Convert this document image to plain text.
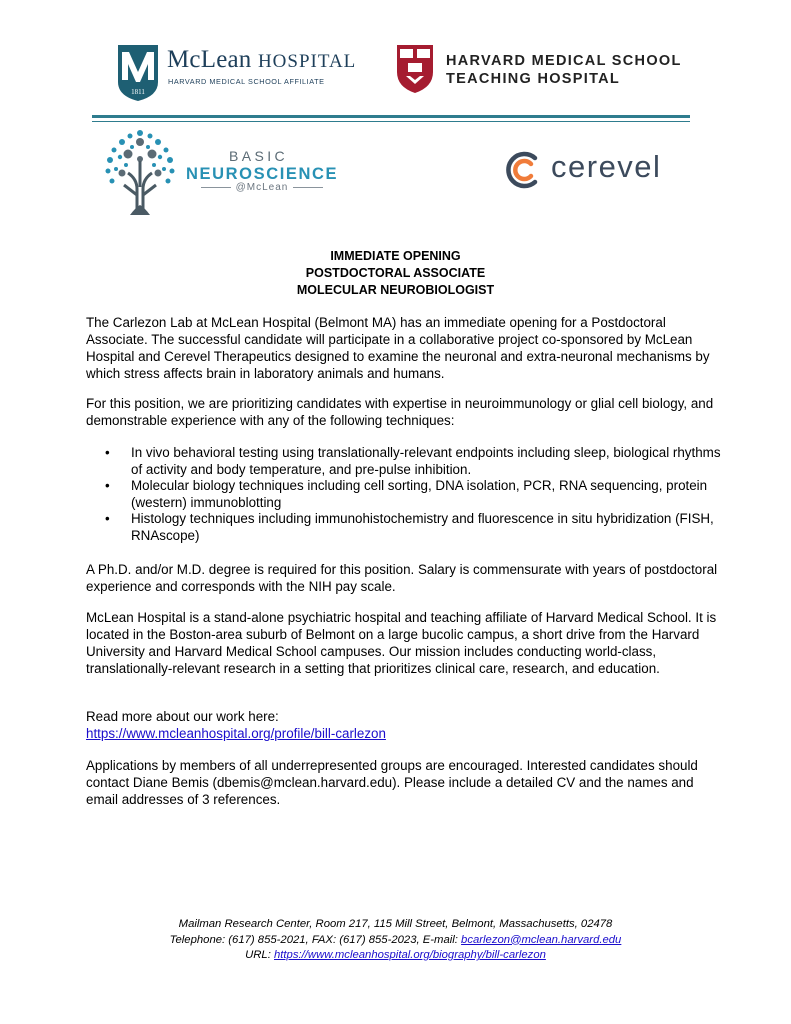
1811
McLean HOSPITAL
HARVARD MEDICAL SCHOOL AFFILIATE
HARVARD MEDICAL SCHOOL
TEACHING HOSPITAL
BASIC
NEUROSCIENCE
@McLean
cerevel
IMMEDIATE OPENING
POSTDOCTORAL ASSOCIATE
MOLECULAR NEUROBIOLOGIST
The Carlezon Lab at McLean Hospital (Belmont MA) has an immediate opening for a Postdoctoral Associate. The successful candidate will participate in a collaborative project co-sponsored by McLean Hospital and Cerevel Therapeutics designed to examine the neuronal and extra-neuronal mechanisms by which stress affects brain in laboratory animals and humans.
For this position, we are prioritizing candidates with expertise in neuroimmunology or glial cell biology, and demonstrable experience with any of the following techniques:
• In vivo behavioral testing using translationally-relevant endpoints including sleep, biological rhythms of activity and body temperature, and pre-pulse inhibition.
• Molecular biology techniques including cell sorting, DNA isolation, PCR, RNA sequencing, protein (western) immunoblotting
• Histology techniques including immunohistochemistry and fluorescence in situ hybridization (FISH, RNAscope)
A Ph.D. and/or M.D. degree is required for this position. Salary is commensurate with years of postdoctoral experience and corresponds with the NIH pay scale.
McLean Hospital is a stand-alone psychiatric hospital and teaching affiliate of Harvard Medical School. It is located in the Boston-area suburb of Belmont on a large bucolic campus, a short drive from the Harvard University and Harvard Medical School campuses. Our mission includes conducting world-class, translationally-relevant research in a setting that prioritizes clinical care, research, and education.
Read more about our work here:
https://www.mcleanhospital.org/profile/bill-carlezon
Applications by members of all underrepresented groups are encouraged. Interested candidates should contact Diane Bemis (dbemis@mclean.harvard.edu). Please include a detailed CV and the names and email addresses of 3 references.
Mailman Research Center, Room 217, 115 Mill Street, Belmont, Massachusetts, 02478
Telephone: (617) 855-2021, FAX: (617) 855-2023, E-mail: bcarlezon@mclean.harvard.edu
URL: https://www.mcleanhospital.org/biography/bill-carlezon
